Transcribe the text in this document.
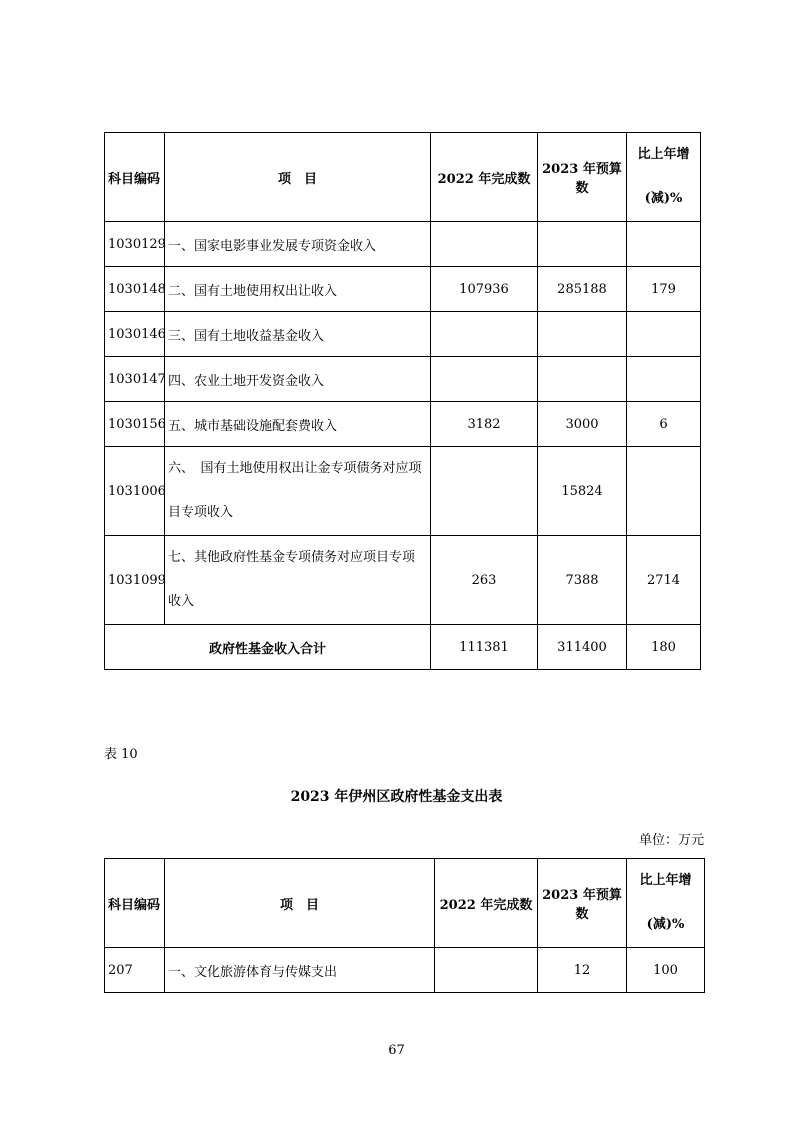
科目编码	项　目	2022 年完成数	2023 年预算数	比上年增
(减)%
1030129	一、国家电影事业发展专项资金收入			
1030148	二、国有土地使用权出让收入	107936	285188	179
1030146	三、国有土地收益基金收入			
1030147	四、农业土地开发资金收入			
1030156	五、城市基础设施配套费收入	3182	3000	6
1031006	六、　国有土地使用权出让金专项债务对应项目专项收入		15824	
1031099	七、其他政府性基金专项债务对应项目专项收入	263	7388	2714
政府性基金收入合计		111381	311400	180
表 10
2023 年伊州区政府性基金支出表
单位：万元
科目编码	项　目	2022 年完成数	2023 年预算数	比上年增
(减)%
207	一、文化旅游体育与传媒支出		12	100
67
